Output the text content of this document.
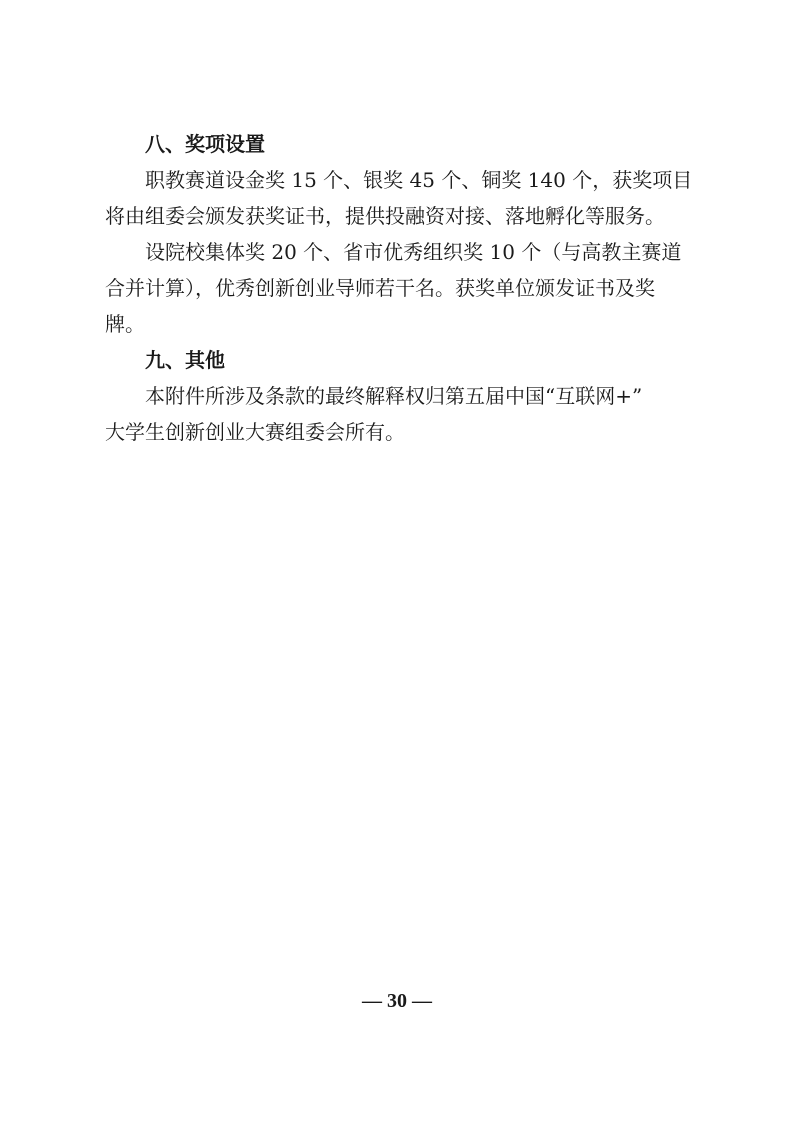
八、奖项设置

职教赛道设金奖 15 个、银奖 45 个、铜奖 140 个，获奖项目
将由组委会颁发获奖证书，提供投融资对接、落地孵化等服务。

设院校集体奖 20 个、省市优秀组织奖 10 个（与高教主赛道
合并计算），优秀创新创业导师若干名。获奖单位颁发证书及奖
牌。

九、其他

本附件所涉及条款的最终解释权归第五届中国“互联网+”
大学生创新创业大赛组委会所有。

— 30 —
